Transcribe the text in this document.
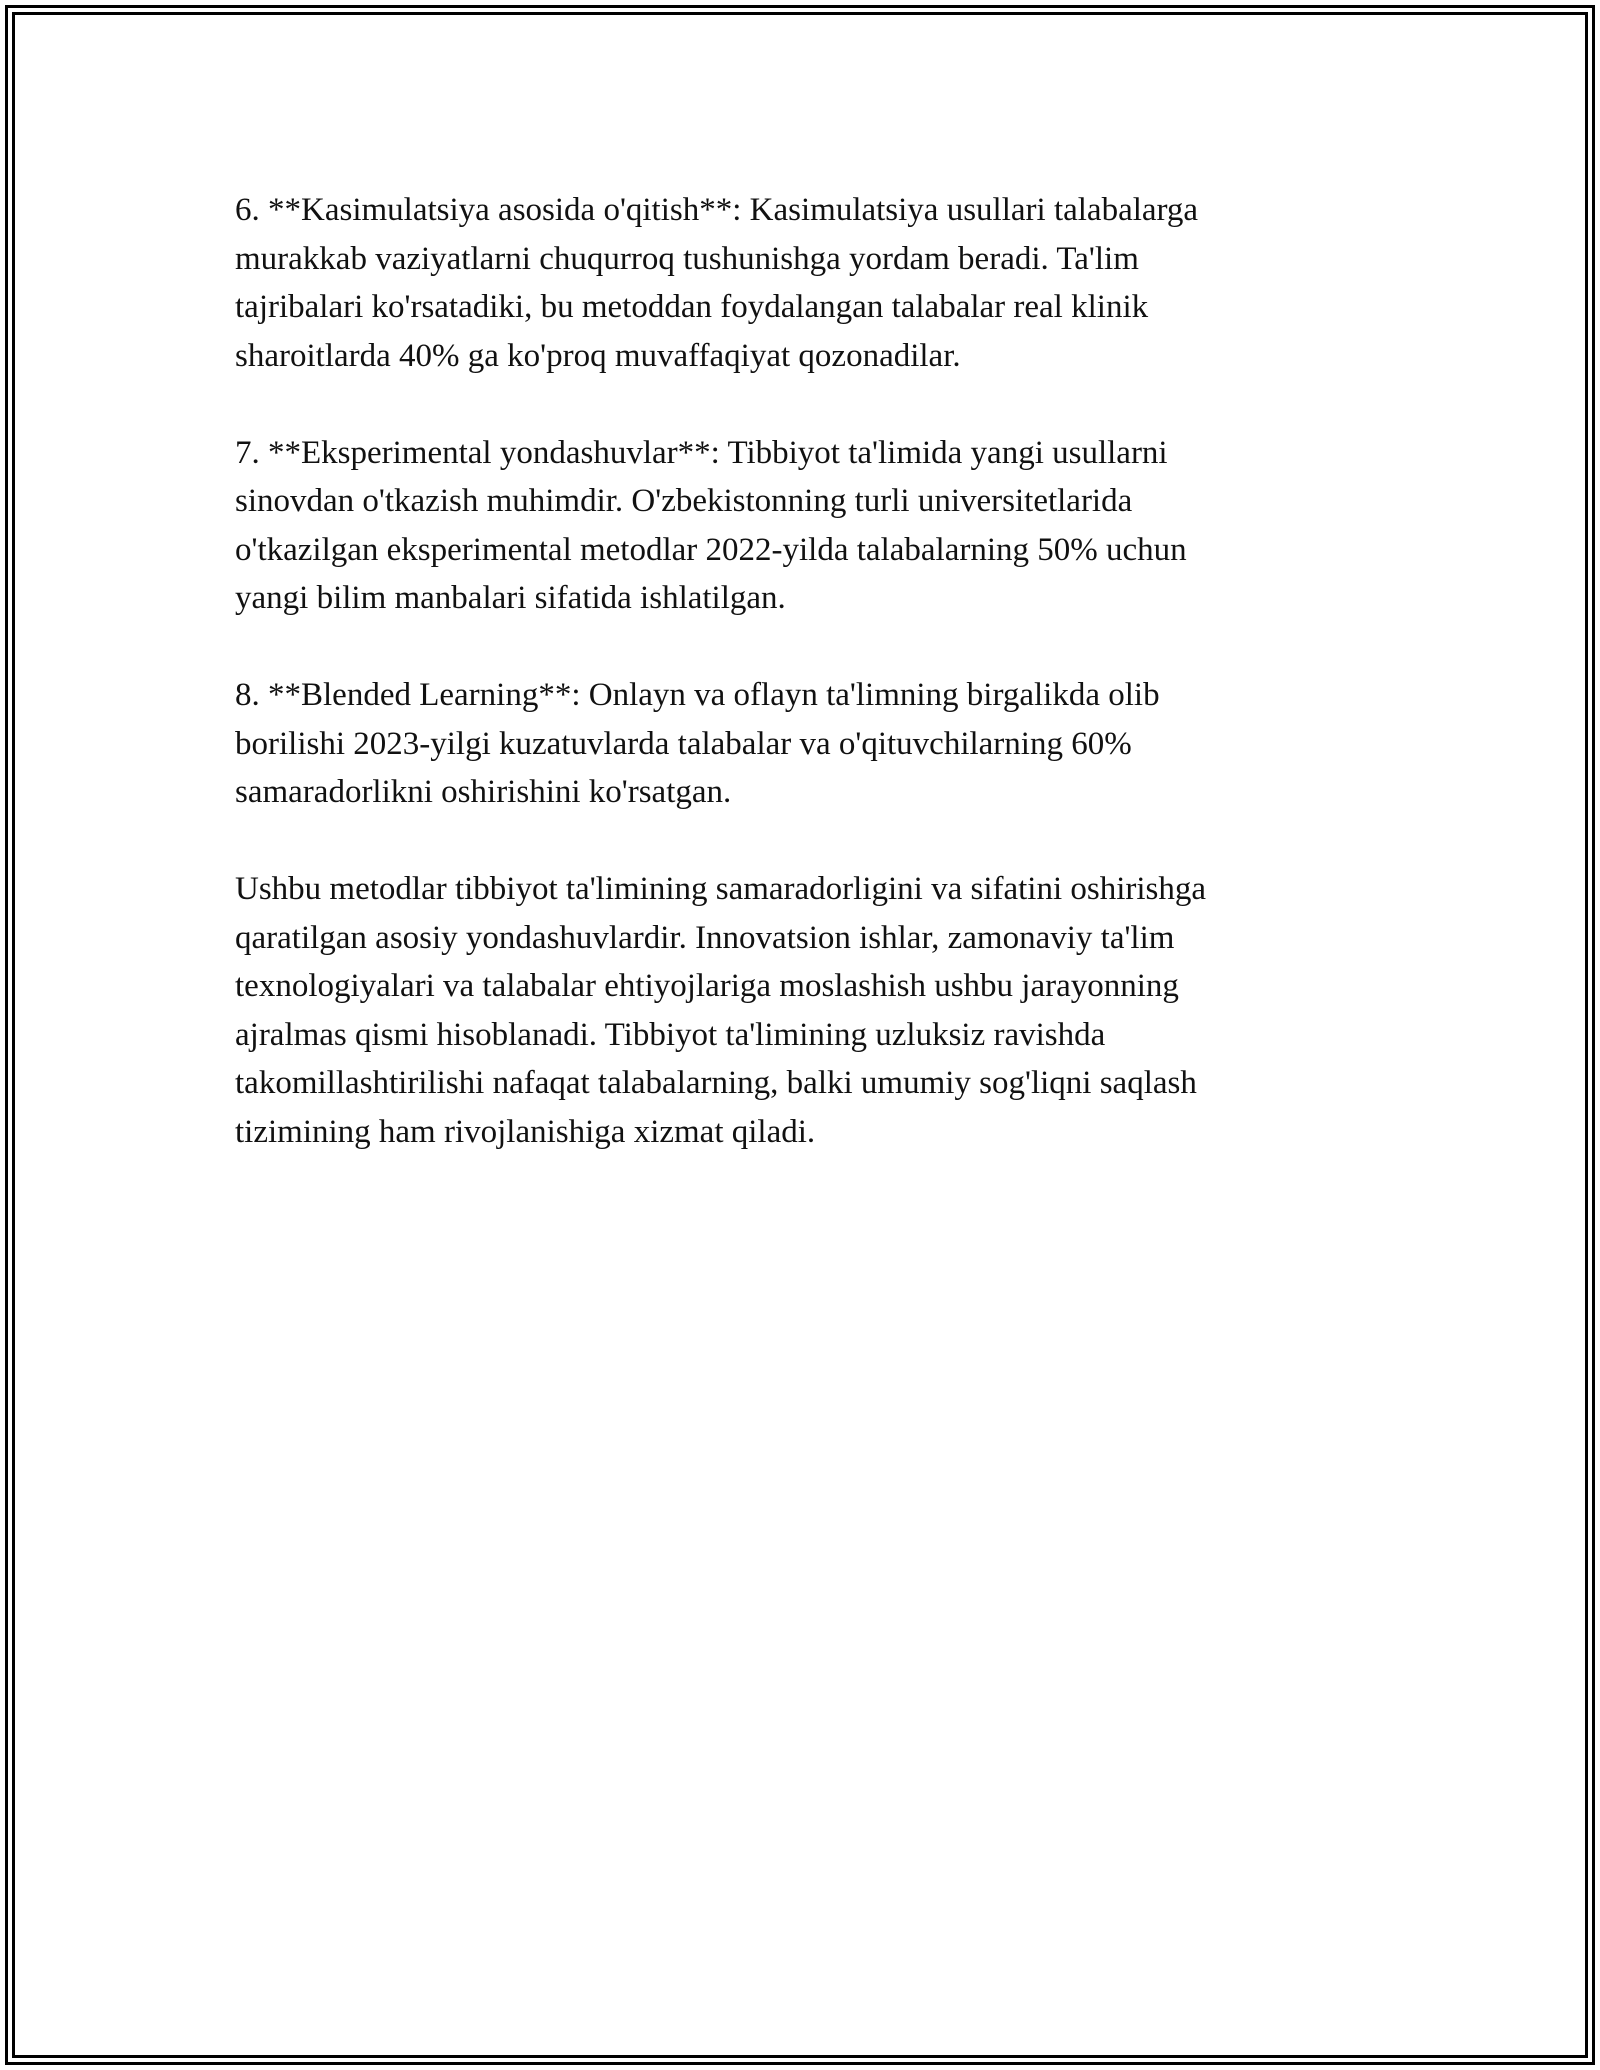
6. **Kasimulatsiya asosida o'qitish**: Kasimulatsiya usullari talabalarga
murakkab vaziyatlarni chuqurroq tushunishga yordam beradi. Ta'lim
tajribalari ko'rsatadiki, bu metoddan foydalangan talabalar real klinik
sharoitlarda 40% ga ko'proq muvaffaqiyat qozonadilar.

7. **Eksperimental yondashuvlar**: Tibbiyot ta'limida yangi usullarni
sinovdan o'tkazish muhimdir. O'zbekistonning turli universitetlarida
o'tkazilgan eksperimental metodlar 2022-yilda talabalarning 50% uchun
yangi bilim manbalari sifatida ishlatilgan.

8. **Blended Learning**: Onlayn va oflayn ta'limning birgalikda olib
borilishi 2023-yilgi kuzatuvlarda talabalar va o'qituvchilarning 60%
samaradorlikni oshirishini ko'rsatgan.

Ushbu metodlar tibbiyot ta'limining samaradorligini va sifatini oshirishga
qaratilgan asosiy yondashuvlardir. Innovatsion ishlar, zamonaviy ta'lim
texnologiyalari va talabalar ehtiyojlariga moslashish ushbu jarayonning
ajralmas qismi hisoblanadi. Tibbiyot ta'limining uzluksiz ravishda
takomillashtirilishi nafaqat talabalarning, balki umumiy sog'liqni saqlash
tizimining ham rivojlanishiga xizmat qiladi.
